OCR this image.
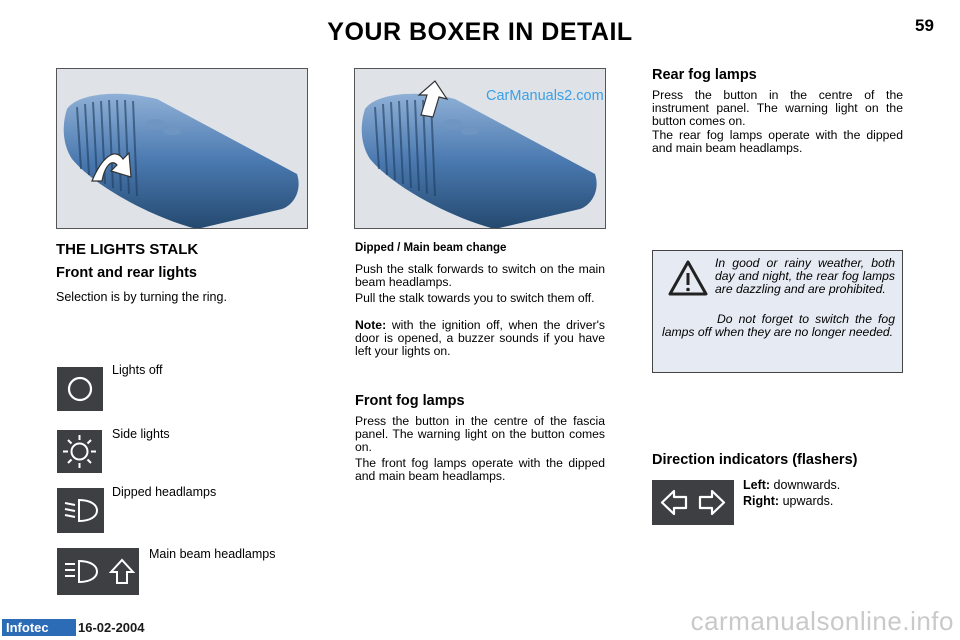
YOUR BOXER IN DETAIL	59
CarManuals2.com
THE LIGHTS STALK
Front and rear lights
Selection is by turning the ring.
Lights off
Side lights
Dipped headlamps
Main beam headlamps
Dipped / Main beam change
Push the stalk forwards to switch on the main beam headlamps.
Pull the stalk towards you to switch them off.
Note: with the ignition off, when the driver's door is opened, a buzzer sounds if you have left your lights on.
Front fog lamps
Press the button in the centre of the fascia panel. The warning light on the button comes on.
The front fog lamps operate with the dipped and main beam headlamps.
Rear fog lamps
Press the button in the centre of the instrument panel. The warning light on the button comes on.
The rear fog lamps operate with the dipped and main beam headlamps.
In good or rainy weather, both day and night, the rear fog lamps are dazzling and are prohibited.
Do not forget to switch the fog lamps off when they are no longer needed.
Direction indicators (flashers)
Left: downwards.
Right: upwards.
Infotec	16-02-2004	carmanualsonline.info
